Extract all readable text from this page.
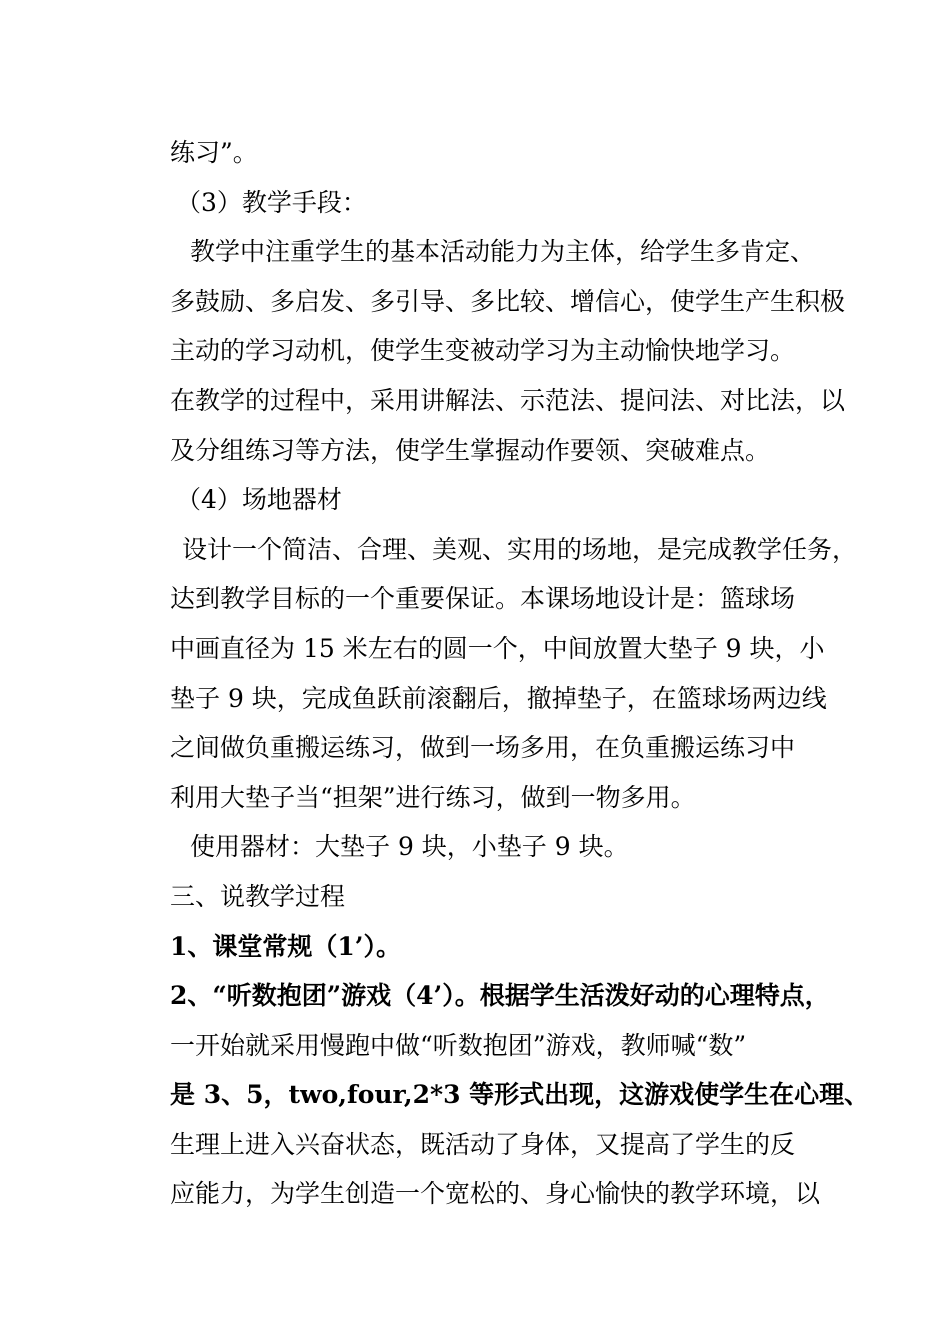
练习”。
（3）教学手段：
教学中注重学生的基本活动能力为主体，给学生多肯定、
多鼓励、多启发、多引导、多比较、增信心，使学生产生积极
主动的学习动机，使学生变被动学习为主动愉快地学习。
在教学的过程中，采用讲解法、示范法、提问法、对比法，以
及分组练习等方法，使学生掌握动作要领、突破难点。
（4）场地器材
设计一个简洁、合理、美观、实用的场地，是完成教学任务，
达到教学目标的一个重要保证。本课场地设计是：篮球场
中画直径为 15 米左右的圆一个，中间放置大垫子 9 块，小
垫子 9 块，完成鱼跃前滚翻后，撤掉垫子，在篮球场两边线
之间做负重搬运练习，做到一场多用，在负重搬运练习中
利用大垫子当“担架”进行练习，做到一物多用。
使用器材：大垫子 9 块，小垫子 9 块。
三、说教学过程
1、课堂常规（1’）。
2、“听数抱团”游戏（4’）。根据学生活泼好动的心理特点，
一开始就采用慢跑中做“听数抱团”游戏，教师喊“数”
是 3、5，two,four,2*3 等形式出现，这游戏使学生在心理、
生理上进入兴奋状态，既活动了身体，又提高了学生的反
应能力，为学生创造一个宽松的、身心愉快的教学环境，以
